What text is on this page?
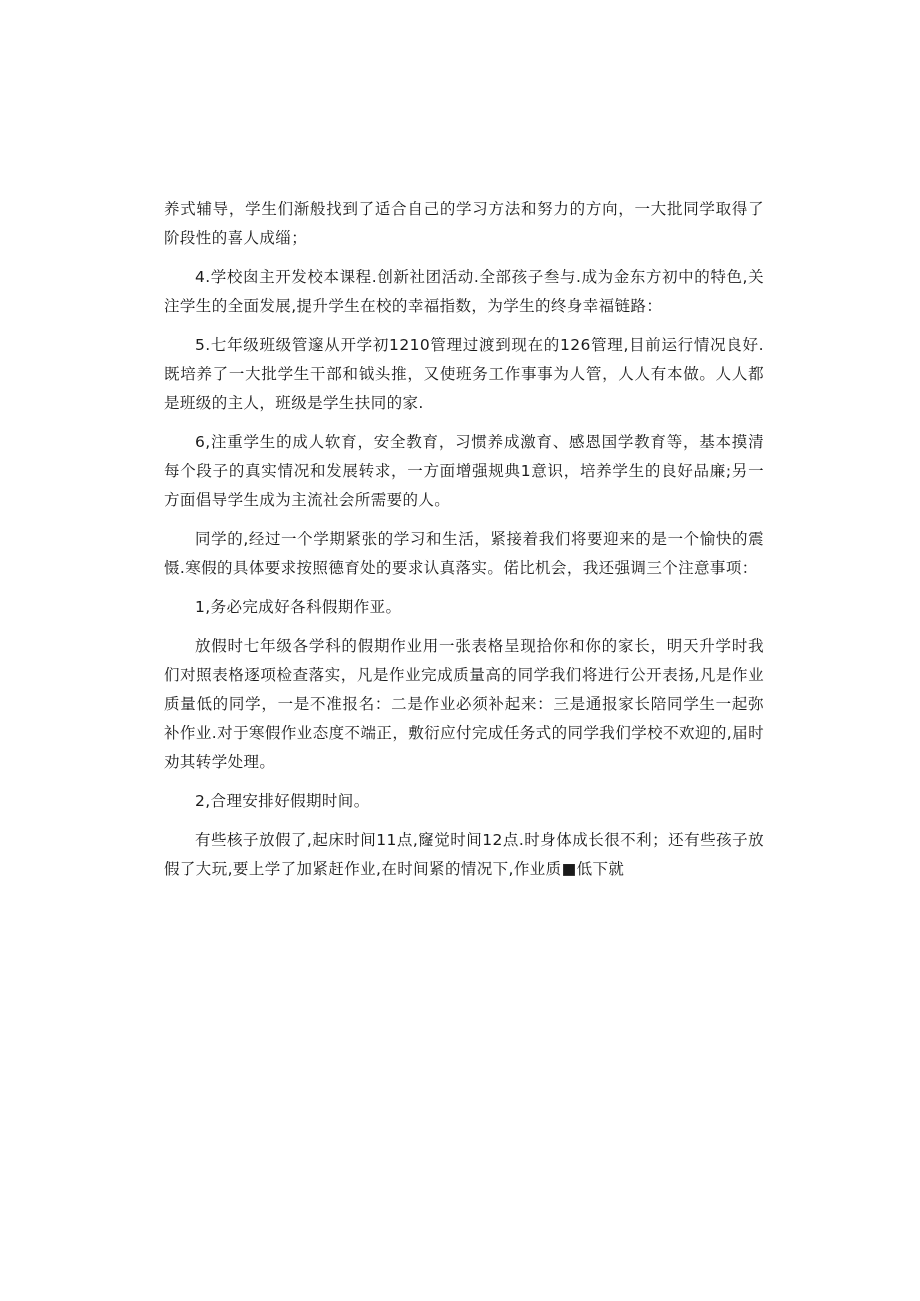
养式辅导，学生们渐般找到了适合自己的学习方法和努力的方向，一大批同学取得了阶段性的喜人成缁；

4.学校囱主开发校本课程.创新社团活动.全部孩子叁与.成为金东方初中的特色,关注学生的全面发展,提升学生在校的幸福指数，为学生的终身幸福链路：

5.七年级班级管邃从开学初1210管理过渡到现在的126管理,目前运行情况良好.既培养了一大批学生干部和钺头推，又使班务工作事事为人管，人人有本做。人人都是班级的主人，班级是学生扶同的家.

6,注重学生的成人软育，安全教育，习惯养成激育、感恩国学教育等，基本摸清每个段子的真实情况和发展转求，一方面增强规典1意识，培养学生的良好品廉;另一方面倡导学生成为主流社会所需要的人。

同学的,经过一个学期紧张的学习和生活，紧接着我们将要迎来的是一个愉快的震慑.寒假的具体要求按照德育处的要求认真落实。偌比机会，我还强调三个注意事项：

1,务必完成好各科假期作亚。

放假时七年级各学科的假期作业用一张表格呈现拾你和你的家长，明天升学时我们对照表格逐项检查落实，凡是作业完成质量高的同学我们将进行公开表扬,凡是作业质量低的同学，一是不准报名：二是作业必须补起来：三是通报家长陪同学生一起弥补作业.对于寒假作业态度不端正，敷衍应付完成任务式的同学我们学校不欢迎的,届时劝其转学处理。

2,合理安排好假期时间。

有些核子放假了,起床时间11点,窿觉时间12点.时身体成长很不利；还有些孩子放假了大玩,要上学了加紧赶作业,在时间紧的情况下,作业质■低下就
